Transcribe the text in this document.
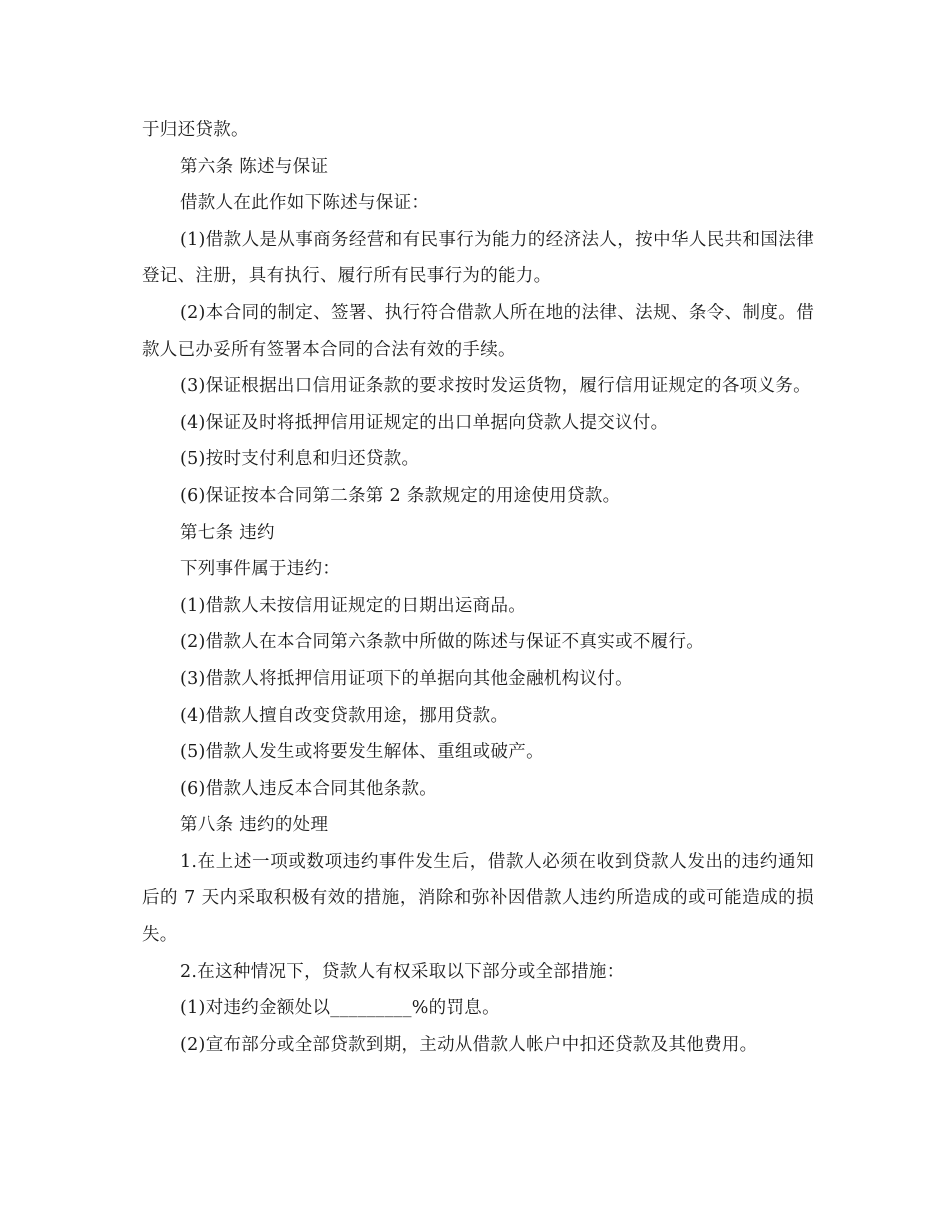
于归还贷款。

第六条 陈述与保证

借款人在此作如下陈述与保证：

(1)借款人是从事商务经营和有民事行为能力的经济法人，按中华人民共和国法律登记、注册，具有执行、履行所有民事行为的能力。

(2)本合同的制定、签署、执行符合借款人所在地的法律、法规、条令、制度。借款人已办妥所有签署本合同的合法有效的手续。

(3)保证根据出口信用证条款的要求按时发运货物，履行信用证规定的各项义务。

(4)保证及时将抵押信用证规定的出口单据向贷款人提交议付。

(5)按时支付利息和归还贷款。

(6)保证按本合同第二条第 2 条款规定的用途使用贷款。

第七条 违约

下列事件属于违约：

(1)借款人未按信用证规定的日期出运商品。

(2)借款人在本合同第六条款中所做的陈述与保证不真实或不履行。

(3)借款人将抵押信用证项下的单据向其他金融机构议付。

(4)借款人擅自改变贷款用途，挪用贷款。

(5)借款人发生或将要发生解体、重组或破产。

(6)借款人违反本合同其他条款。

第八条 违约的处理

1.在上述一项或数项违约事件发生后，借款人必须在收到贷款人发出的违约通知后的 7 天内采取积极有效的措施，消除和弥补因借款人违约所造成的或可能造成的损失。

2.在这种情况下，贷款人有权采取以下部分或全部措施：

(1)对违约金额处以_________%的罚息。

(2)宣布部分或全部贷款到期，主动从借款人帐户中扣还贷款及其他费用。
